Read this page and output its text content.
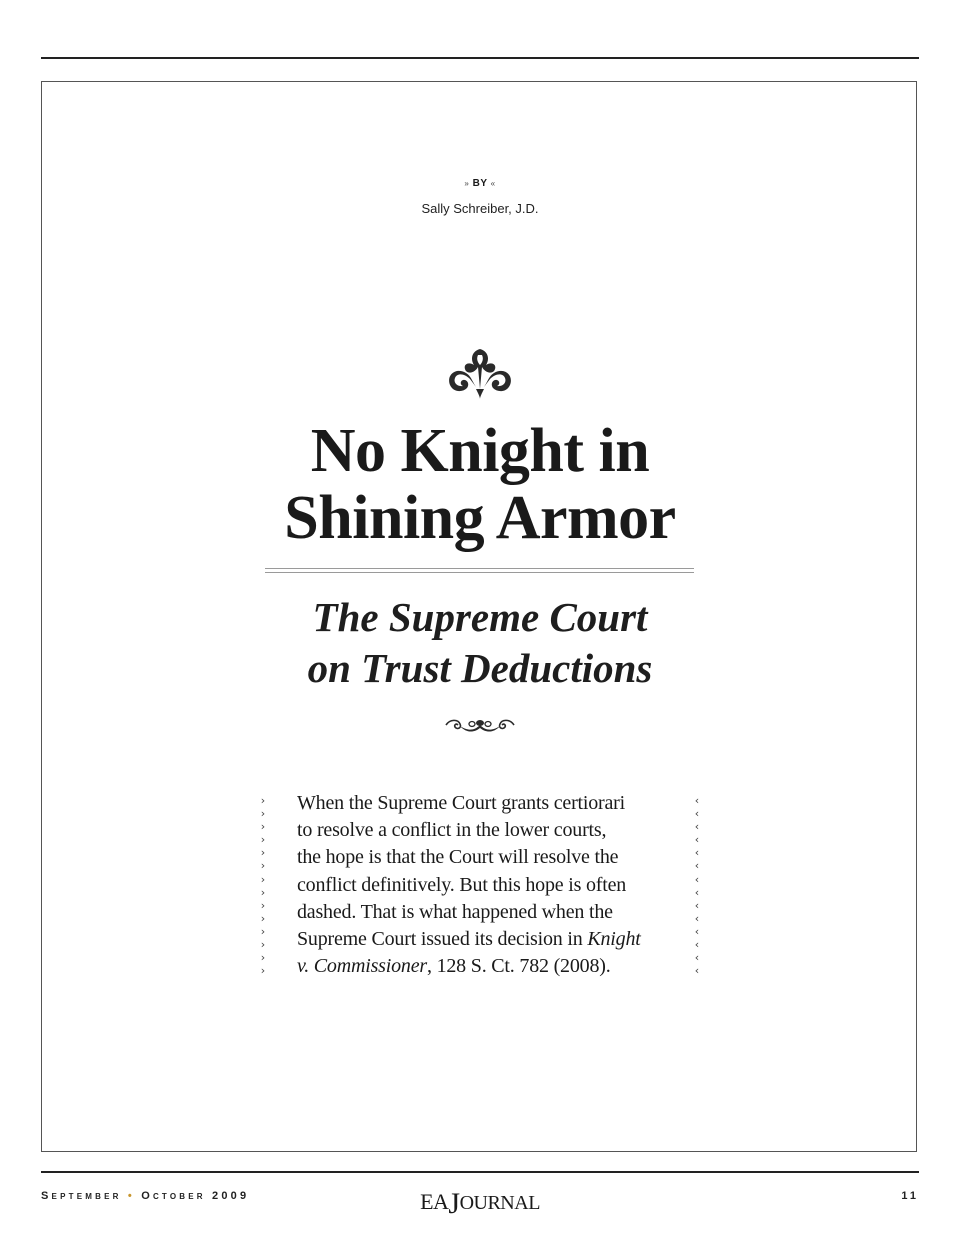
» BY «
Sally Schreiber, J.D.
No Knight in
Shining Armor
The Supreme Court
on Trust Deductions
›
›
›
›
›
›
›
›
›
›
›
›
›
›

When the Supreme Court grants certiorari
to resolve a conflict in the lower courts,
the hope is that the Court will resolve the
conflict definitively. But this hope is often
dashed. That is what happened when the
Supreme Court issued its decision in Knight
v. Commissioner, 128 S. Ct. 782 (2008).

‹
‹
‹
‹
‹
‹
‹
‹
‹
‹
‹
‹
‹
‹
September • October 2009	EAJOURNAL	11
